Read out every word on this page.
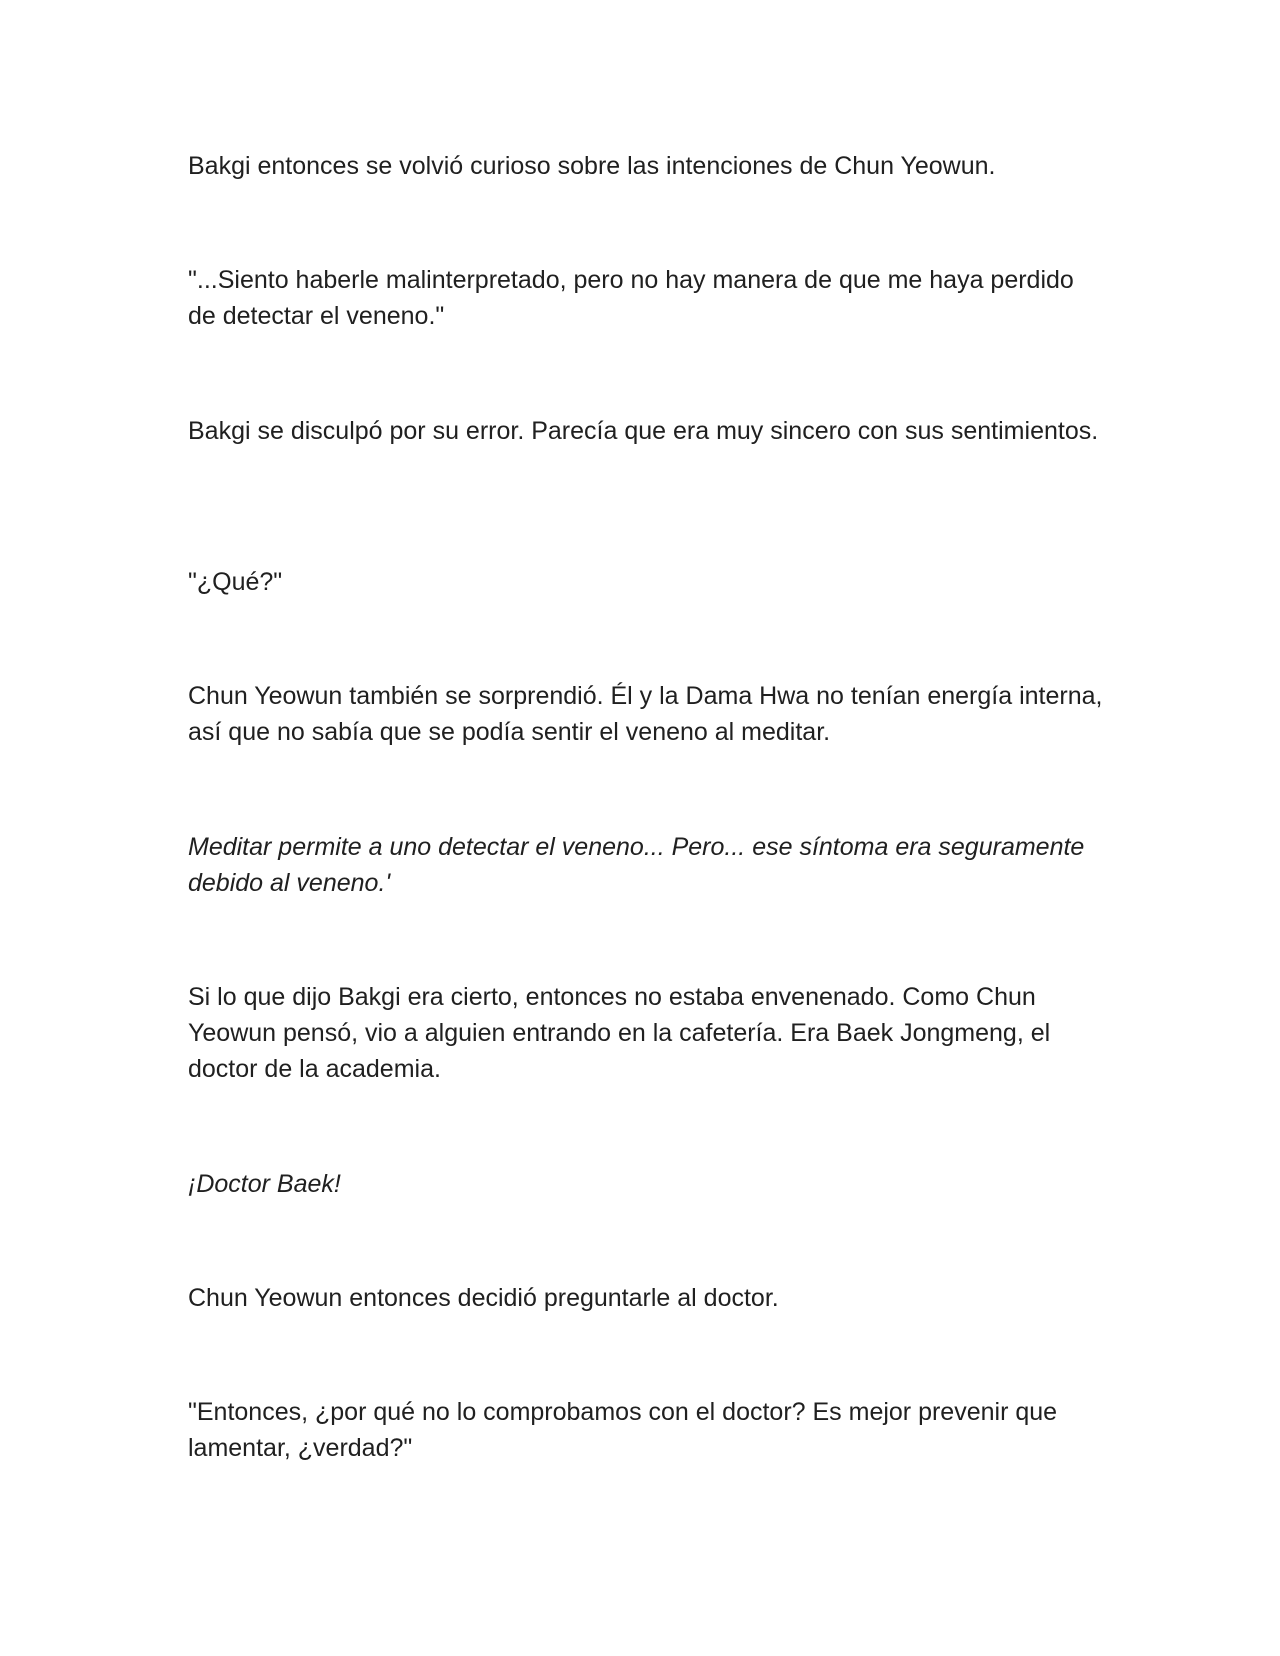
Bakgi entonces se volvió curioso sobre las intenciones de Chun Yeowun.

"...Siento haberle malinterpretado, pero no hay manera de que me haya perdido de detectar el veneno."

Bakgi se disculpó por su error. Parecía que era muy sincero con sus sentimientos.

"¿Qué?"

Chun Yeowun también se sorprendió. Él y la Dama Hwa no tenían energía interna, así que no sabía que se podía sentir el veneno al meditar.

Meditar permite a uno detectar el veneno... Pero... ese síntoma era seguramente debido al veneno.'

Si lo que dijo Bakgi era cierto, entonces no estaba envenenado. Como Chun Yeowun pensó, vio a alguien entrando en la cafetería. Era Baek Jongmeng, el doctor de la academia.

¡Doctor Baek!

Chun Yeowun entonces decidió preguntarle al doctor.

"Entonces, ¿por qué no lo comprobamos con el doctor? Es mejor prevenir que lamentar, ¿verdad?"
